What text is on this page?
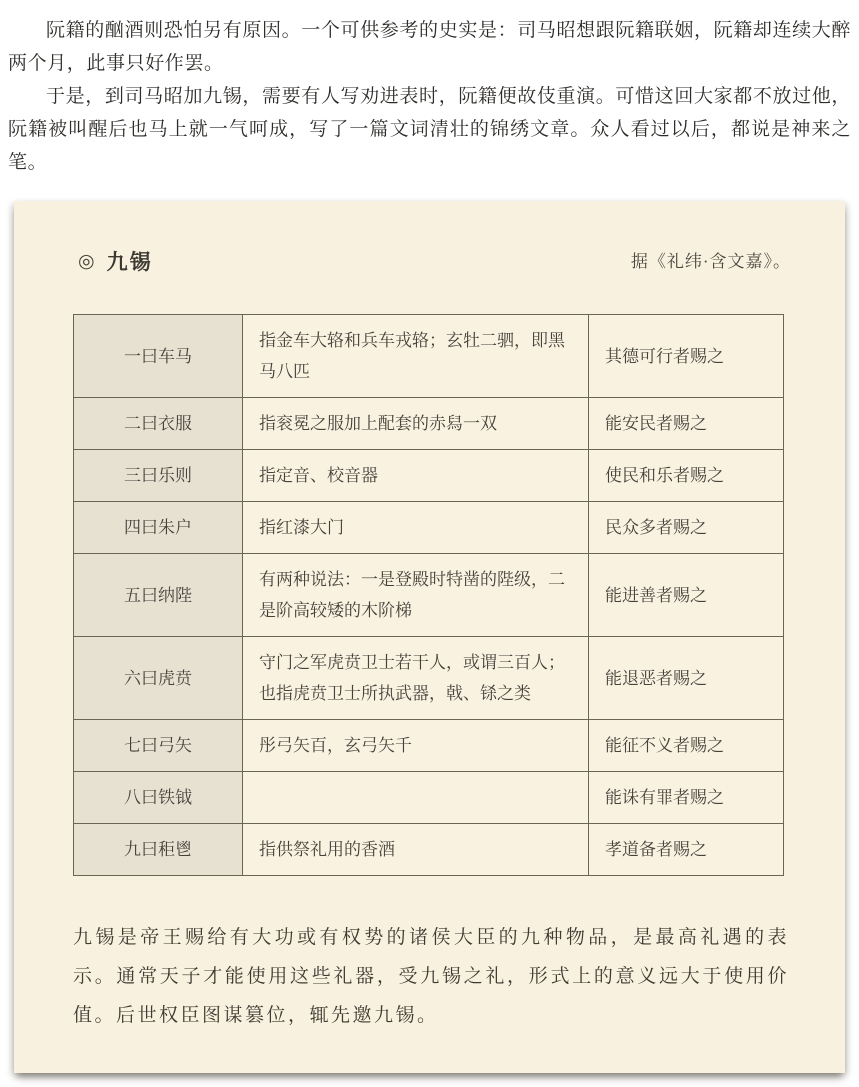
阮籍的酗酒则恐怕另有原因。一个可供参考的史实是：司马昭想跟阮籍联姻，阮籍却连续大醉两个月，此事只好作罢。

于是，到司马昭加九锡，需要有人写劝进表时，阮籍便故伎重演。可惜这回大家都不放过他，阮籍被叫醒后也马上就一气呵成，写了一篇文词清壮的锦绣文章。众人看过以后，都说是神来之笔。

◎ 九锡	据《礼纬·含文嘉》。
一曰车马	指金车大辂和兵车戎辂；玄牡二驷，即黑马八匹	其德可行者赐之
二曰衣服	指衮冕之服加上配套的赤舄一双	能安民者赐之
三曰乐则	指定音、校音器	使民和乐者赐之
四曰朱户	指红漆大门	民众多者赐之
五曰纳陛	有两种说法：一是登殿时特凿的陛级，二是阶高较矮的木阶梯	能进善者赐之
六曰虎贲	守门之军虎贲卫士若干人，或谓三百人；也指虎贲卫士所执武器，戟、铩之类	能退恶者赐之
七曰弓矢	彤弓矢百，玄弓矢千	能征不义者赐之
八曰铁钺		能诛有罪者赐之
九曰秬鬯	指供祭礼用的香酒	孝道备者赐之

九锡是帝王赐给有大功或有权势的诸侯大臣的九种物品，是最高礼遇的表示。通常天子才能使用这些礼器，受九锡之礼，形式上的意义远大于使用价值。后世权臣图谋篡位，辄先邀九锡。
